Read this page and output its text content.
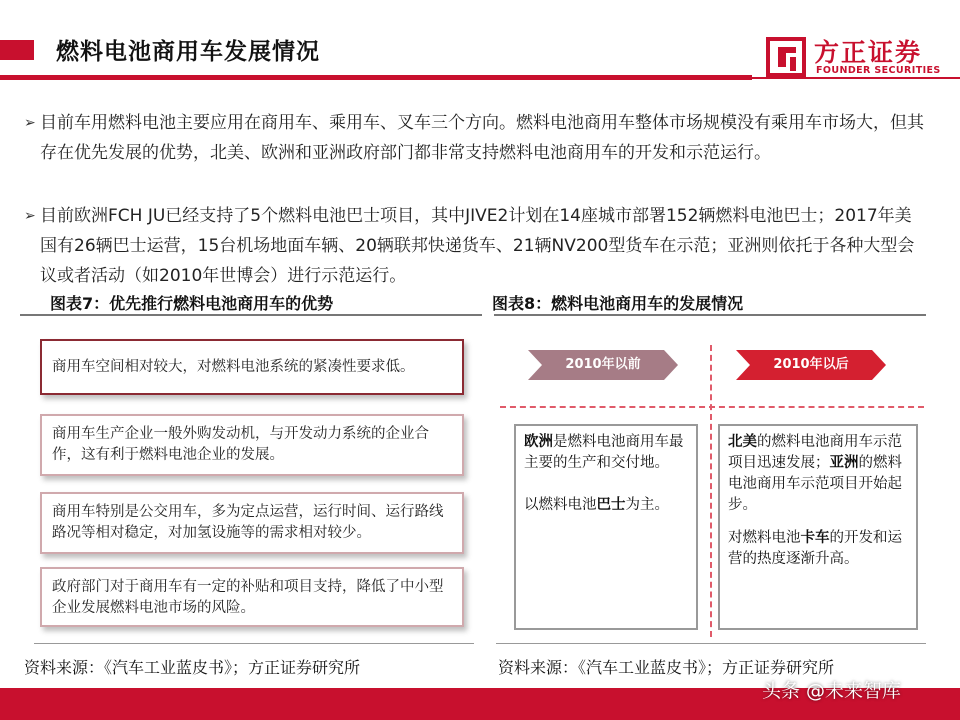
燃料电池商用车发展情况	方正证券
FOUNDER SECURITIES
➢ 目前车用燃料电池主要应用在商用车、乘用车、叉车三个方向。燃料电池商用车整体市场规模没有乘用车市场大，但其存在优先发展的优势，北美、欧洲和亚洲政府部门都非常支持燃料电池商用车的开发和示范运行。
➢ 目前欧洲FCH JU已经支持了5个燃料电池巴士项目，其中JIVE2计划在14座城市部署152辆燃料电池巴士；2017年美国有26辆巴士运营，15台机场地面车辆、20辆联邦快递货车、21辆NV200型货车在示范；亚洲则依托于各种大型会议或者活动（如2010年世博会）进行示范运行。
图表7：优先推行燃料电池商用车的优势	图表8：燃料电池商用车的发展情况
商用车空间相对较大，对燃料电池系统的紧凑性要求低。
商用车生产企业一般外购发动机，与开发动力系统的企业合作，这有利于燃料电池企业的发展。
商用车特别是公交用车，多为定点运营，运行时间、运行路线路况等相对稳定，对加氢设施等的需求相对较少。
政府部门对于商用车有一定的补贴和项目支持，降低了中小型企业发展燃料电池市场的风险。
2010年以前	2010年以后

欧洲是燃料电池商用车最主要的生产和交付地。

以燃料电池巴士为主。

北美的燃料电池商用车示范项目迅速发展；亚洲的燃料电池商用车示范项目开始起步。

对燃料电池卡车的开发和运营的热度逐渐升高。

资料来源：《汽车工业蓝皮书》；方正证券研究所	资料来源：《汽车工业蓝皮书》；方正证券研究所
头条 @未来智库
